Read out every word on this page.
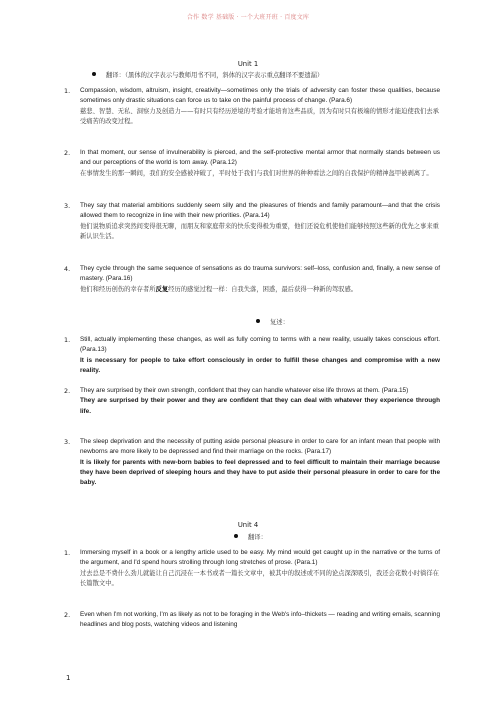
合作 数学 基础版 · 一个大班开班 · 百度文库
Unit 1
翻译：（黑体的汉字表示与教师用书不同，斜体的汉字表示重点翻译不要遗漏）
1. Compassion, wisdom, altruism, insight, creativity—sometimes only the trials of adversity can foster these qualities, because sometimes only drastic situations can force us to take on the painful process of change. (Para.6)
慈悲、智慧、无私、洞察力及创造力——有时只有经历逆境的考验才能培育这些品质，因为有时只有极端的情形才能迫使我们去承受痛苦的改变过程。
2. In that moment, our sense of invulnerability is pierced, and the self-protective mental armor that normally stands between us and our perceptions of the world is torn away. (Para.12)
在事情发生的那一瞬间，我们的安全感被冲破了，平时处于我们与我们对世界的种种看法之间的自我保护的精神盔甲被剥离了。
3. They say that material ambitions suddenly seem silly and the pleasures of friends and family paramount—and that the crisis allowed them to recognize in line with their new priorities. (Para.14)
他们说物质追求突然间变得很无聊，而朋友和家庭带来的快乐变得极为重要，他们还说危机使他们能够按照这些新的优先之事来重新认识生活。
4. They cycle through the same sequence of sensations as do trauma survivors: self–loss, confusion and, finally, a new sense of mastery. (Para.16)
他们和经历创伤的幸存者所反复经历的感觉过程一样：自我失落，困惑，最后获得一种新的驾驭感。
复述：
1. Still, actually implementing these changes, as well as fully coming to terms with a new reality, usually takes conscious effort. (Para.13)
It is necessary for people to take effort consciously in order to fulfill these changes and compromise with a new reality.
2. They are surprised by their own strength, confident that they can handle whatever else life throws at them. (Para.15)
They are surprised by their power and they are confident that they can deal with whatever they experience through life.
3. The sleep deprivation and the necessity of putting aside personal pleasure in order to care for an infant mean that people with newborns are more likely to be depressed and find their marriage on the rocks. (Para.17)
It is likely for parents with new-born babies to feel depressed and to feel difficult to maintain their marriage because they have been deprived of sleeping hours and they have to put aside their personal pleasure in order to care for the baby.
Unit 4
翻译：
1. Immersing myself in a book or a lengthy article used to be easy. My mind would get caught up in the narrative or the turns of the argument, and I'd spend hours strolling through long stretches of prose. (Para.1)
过去总是不费什么劲儿就能让自己沉浸在一本书或者一篇长文章中，被其中的叙述或不同的论点深深吸引，我还会花数小时徜徉在长篇散文中。
2. Even when I'm not working, I'm as likely as not to be foraging in the Web's info–thickets — reading and writing emails, scanning headlines and blog posts, watching videos and listening
1
